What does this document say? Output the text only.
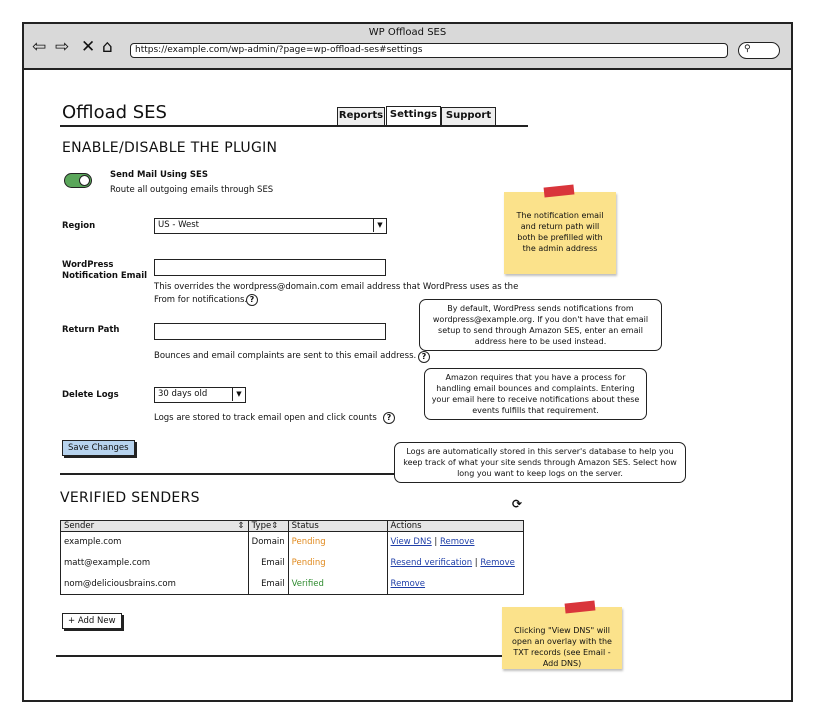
WP Offload SES
⇦ ⇨ ✕ ⌂	https://example.com/wp-admin/?page=wp-offload-ses#settings	⚲
Offload SES	Reports Settings Support
ENABLE/DISABLE THE PLUGIN
Send Mail Using SES
Route all outgoing emails through SES
Region	US - West	▼
WordPress
Notification Email
This overrides the wordpress@domain.com email address that WordPress uses as the
From for notifications. ?
Return Path
Bounces and email complaints are sent to this email address. ?
Delete Logs	30 days old	▼
Logs are stored to track email open and click counts	?
Save Changes
VERIFIED SENDERS	⟳
Sender ⇕	Type⇕	Status	Actions
example.com	Domain	Pending	View DNS | Remove
matt@example.com	Email	Pending	Resend verification | Remove
nom@deliciousbrains.com	Email	Verified	Remove
+ Add New
The notification email and return path will both be prefilled with the admin address
By default, WordPress sends notifications from wordpress@example.org. If you don't have that email setup to send through Amazon SES, enter an email address here to be used instead.
Amazon requires that you have a process for handling email bounces and complaints. Entering your email here to receive notifications about these events fulfills that requirement.
Logs are automatically stored in this server's database to help you keep track of what your site sends through Amazon SES. Select how long you want to keep logs on the server.
Clicking "View DNS" will open an overlay with the TXT records (see Email - Add DNS)
